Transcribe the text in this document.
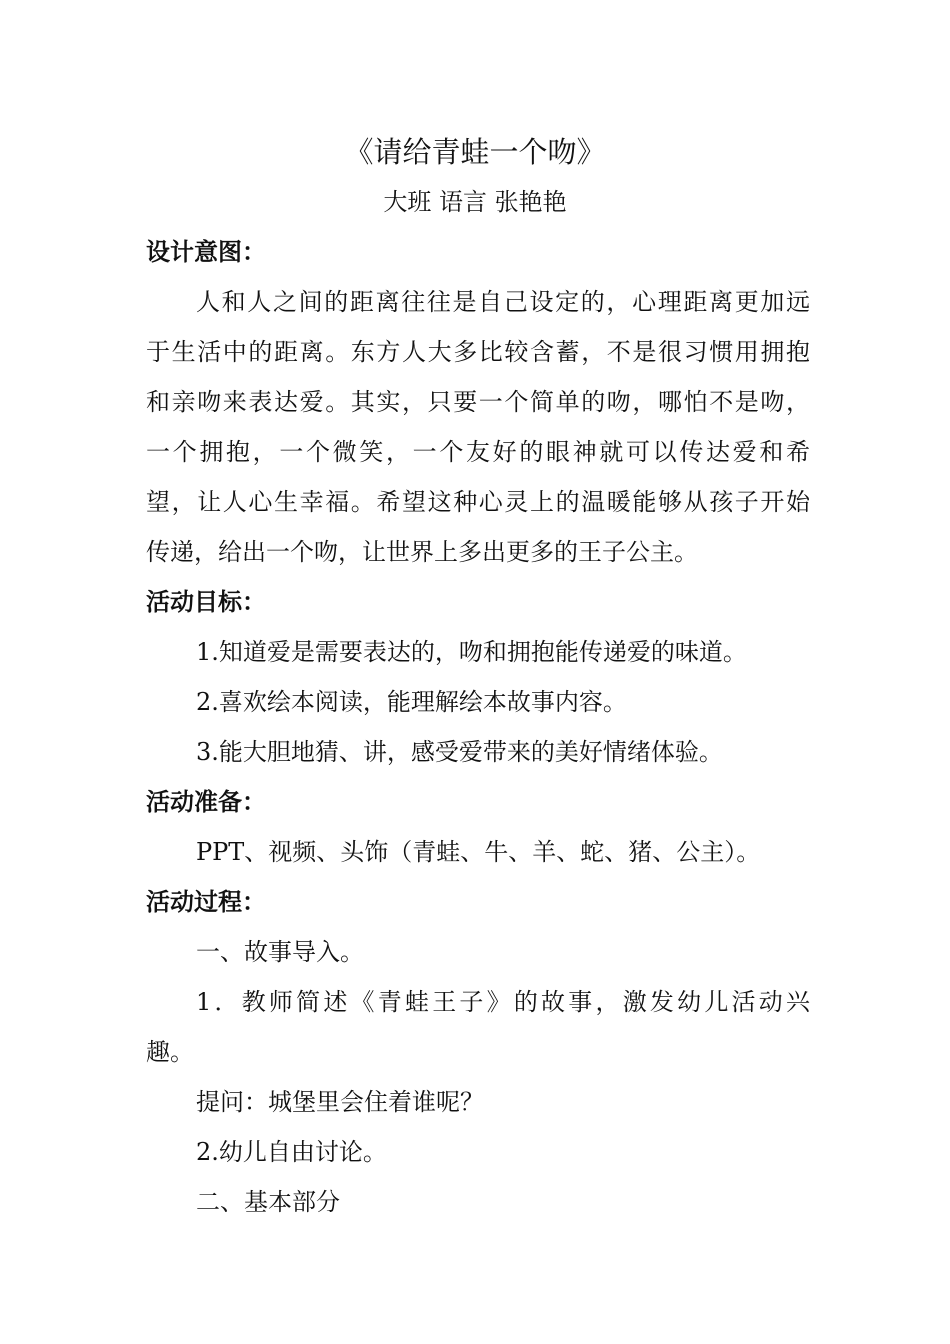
《请给青蛙一个吻》
大班 语言 张艳艳
设计意图：
人和人之间的距离往往是自己设定的，心理距离更加远
于生活中的距离。东方人大多比较含蓄，不是很习惯用拥抱
和亲吻来表达爱。其实，只要一个简单的吻，哪怕不是吻，
一个拥抱，一个微笑，一个友好的眼神就可以传达爱和希
望，让人心生幸福。希望这种心灵上的温暖能够从孩子开始
传递，给出一个吻，让世界上多出更多的王子公主。
活动目标：
1.知道爱是需要表达的，吻和拥抱能传递爱的味道。
2.喜欢绘本阅读，能理解绘本故事内容。
3.能大胆地猜、讲，感受爱带来的美好情绪体验。
活动准备：
PPT、视频、头饰（青蛙、牛、羊、蛇、猪、公主）。
活动过程：
一、故事导入。
1．教师简述《青蛙王子》的故事，激发幼儿活动兴
趣。
提问：城堡里会住着谁呢？
2.幼儿自由讨论。
二、基本部分
